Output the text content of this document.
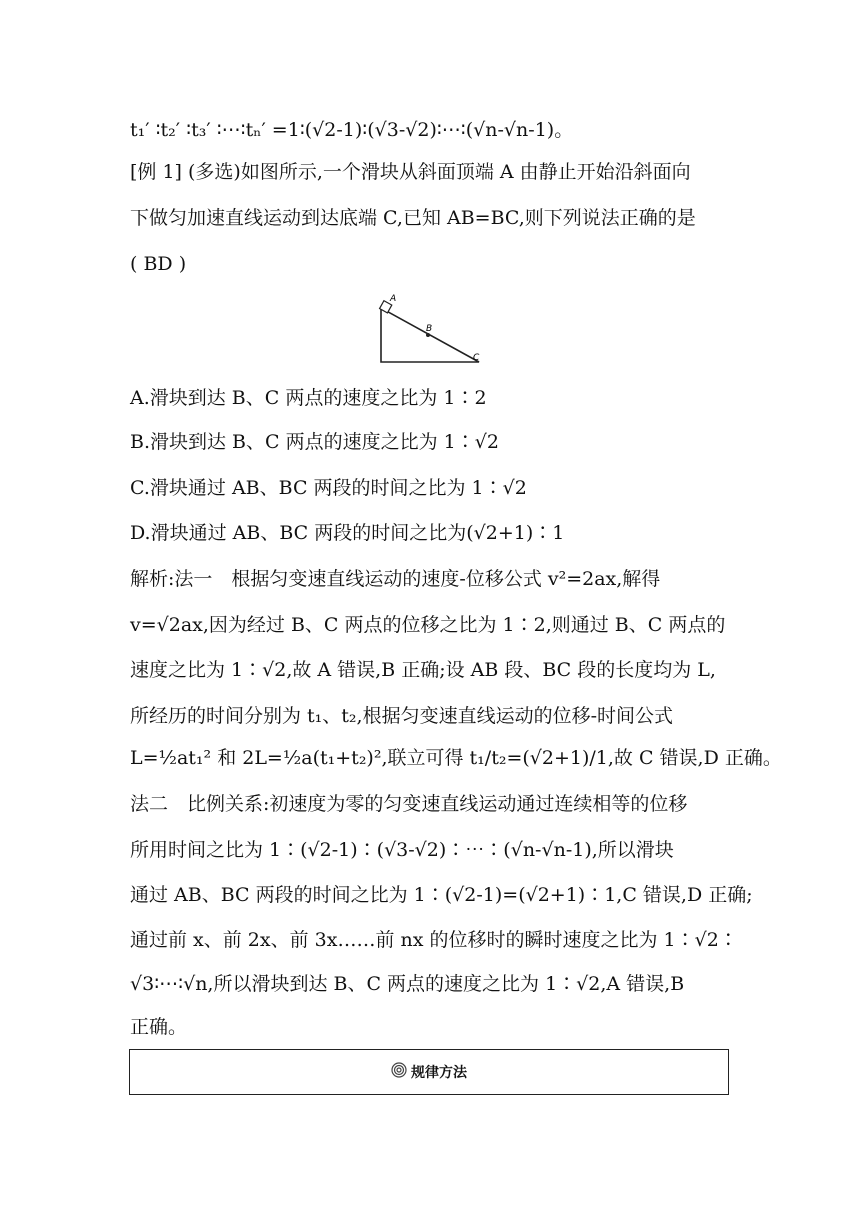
t₁′ ∶t₂′ ∶t₃′ ∶⋯∶tₙ′ =1∶(√2-1)∶(√3-√2)∶⋯∶(√n-√n-1)。
[例 1] (多选)如图所示,一个滑块从斜面顶端 A 由静止开始沿斜面向
下做匀加速直线运动到达底端 C,已知 AB=BC,则下列说法正确的是
( BD )
A
B
C
A.滑块到达 B、C 两点的速度之比为 1∶2
B.滑块到达 B、C 两点的速度之比为 1∶√2
C.滑块通过 AB、BC 两段的时间之比为 1∶√2
D.滑块通过 AB、BC 两段的时间之比为(√2+1)∶1
解析:法一　根据匀变速直线运动的速度-位移公式 v²=2ax,解得
v=√2ax,因为经过 B、C 两点的位移之比为 1∶2,则通过 B、C 两点的
速度之比为 1∶√2,故 A 错误,B 正确;设 AB 段、BC 段的长度均为 L,
所经历的时间分别为 t₁、t₂,根据匀变速直线运动的位移-时间公式
L=½at₁² 和 2L=½a(t₁+t₂)²,联立可得 t₁/t₂=(√2+1)/1,故 C 错误,D 正确。
法二　比例关系:初速度为零的匀变速直线运动通过连续相等的位移
所用时间之比为 1∶(√2-1)∶(√3-√2)∶⋯∶(√n-√n-1),所以滑块
通过 AB、BC 两段的时间之比为 1∶(√2-1)=(√2+1)∶1,C 错误,D 正确;
通过前 x、前 2x、前 3x……前 nx 的位移时的瞬时速度之比为 1∶√2∶
√3∶⋯∶√n,所以滑块到达 B、C 两点的速度之比为 1∶√2,A 错误,B
正确。
规律方法
